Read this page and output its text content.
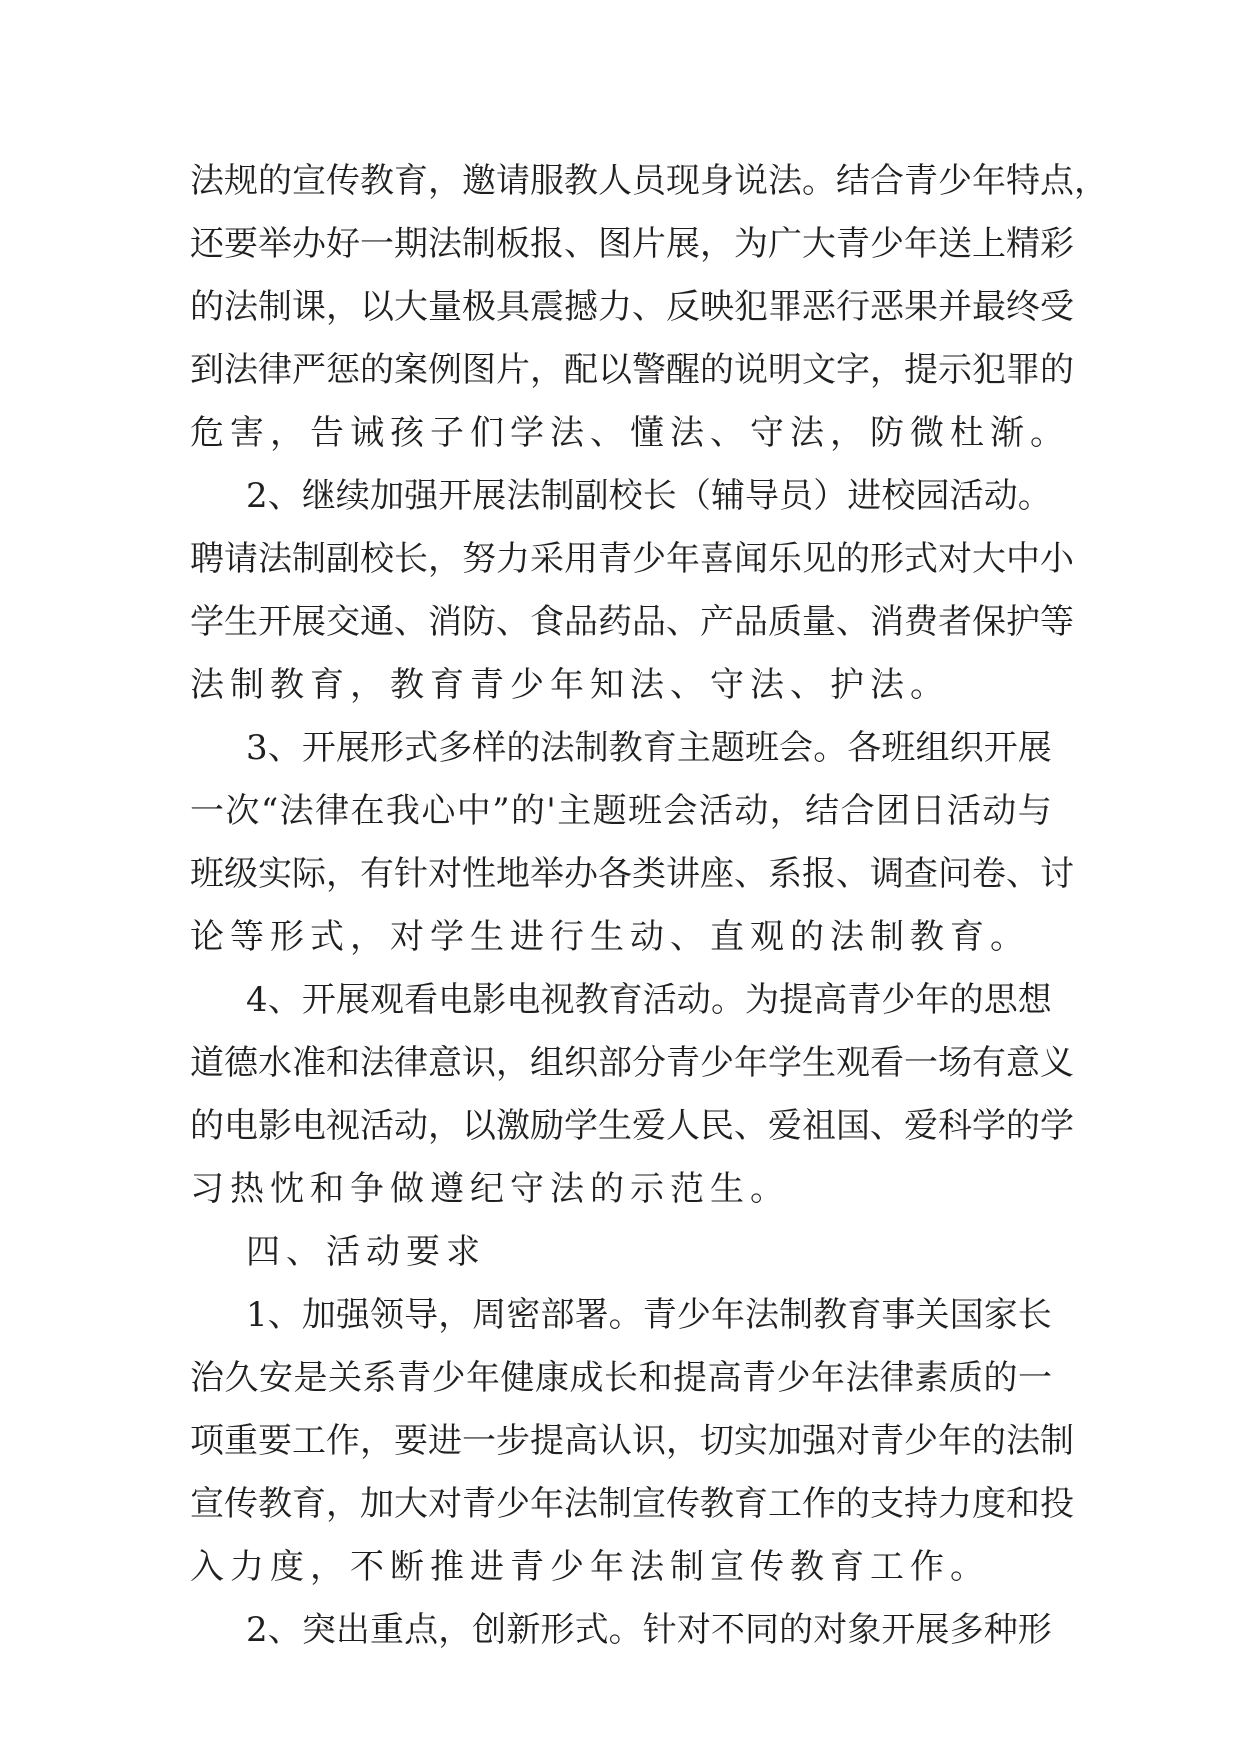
法 规 的 宣 传 教 育 ， 邀 请 服 教 人 员 现 身 说 法 。 结 合 青 少 年 特 点 ，
还 要 举 办 好 一 期 法 制 板 报 、 图 片 展 ， 为 广 大 青 少 年 送 上 精 彩
的 法 制 课 ， 以 大 量 极 具 震 撼 力 、 反 映 犯 罪 恶 行 恶 果 并 最 终 受
到 法 律 严 惩 的 案 例 图 片 ， 配 以 警 醒 的 说 明 文 字 ， 提 示 犯 罪 的
危害，告诫孩子们学法、懂法、守法，防微杜渐。
2 、 继 续 加 强 开 展 法 制 副 校 长 （ 辅 导 员 ） 进 校 园 活 动 。
聘 请 法 制 副 校 长 ， 努 力 采 用 青 少 年 喜 闻 乐 见 的 形 式 对 大 中 小
学 生 开 展 交 通 、 消 防 、 食 品 药 品 、 产 品 质 量 、 消 费 者 保 护 等
法制教育，教育青少年知法、守法、护法。
3 、 开 展 形 式 多 样 的 法 制 教 育 主 题 班 会 。 各 班 组 织 开 展
一 次 “ 法 律 在 我 心 中 ” 的 ' 主 题 班 会 活 动 ， 结 合 团 日 活 动 与
班 级 实 际 ， 有 针 对 性 地 举 办 各 类 讲 座 、 系 报 、 调 查 问 卷 、 讨
论等形式，对学生进行生动、直观的法制教育。
4 、 开 展 观 看 电 影 电 视 教 育 活 动 。 为 提 高 青 少 年 的 思 想
道 德 水 准 和 法 律 意 识 ， 组 织 部 分 青 少 年 学 生 观 看 一 场 有 意 义
的 电 影 电 视 活 动 ， 以 激 励 学 生 爱 人 民 、 爱 祖 国 、 爱 科 学 的 学
习热忱和争做遵纪守法的示范生。
四、活动要求
1 、 加 强 领 导 ， 周 密 部 署 。 青 少 年 法 制 教 育 事 关 国 家 长
治 久 安 是 关 系 青 少 年 健 康 成 长 和 提 高 青 少 年 法 律 素 质 的 一
项 重 要 工 作 ， 要 进 一 步 提 高 认 识 ， 切 实 加 强 对 青 少 年 的 法 制
宣 传 教 育 ， 加 大 对 青 少 年 法 制 宣 传 教 育 工 作 的 支 持 力 度 和 投
入力度，不断推进青少年法制宣传教育工作。
2 、 突 出 重 点 ， 创 新 形 式 。 针 对 不 同 的 对 象 开 展 多 种 形
